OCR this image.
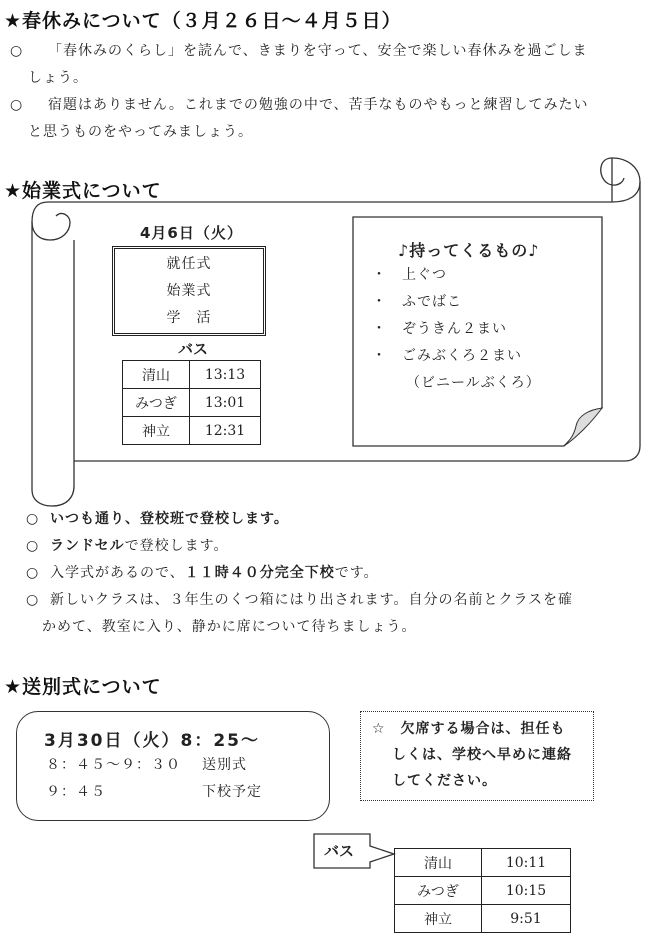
★春休みについて（３月２６日～４月５日）
○ 「春休みのくらし」を読んで、きまりを守って、安全で楽しい春休みを過ごしま
しょう。
○ 宿題はありません。これまでの勉強の中で、苦手なものやもっと練習してみたい
と思うものをやってみましょう。
★始業式について
4月6日（火）
就任式
始業式
学　活
バス
清山	13:13
みつぎ	13:01
神立	12:31
♪持ってくるもの♪
・ 上ぐつ
・ ふでばこ
・ ぞうきん２まい
・ ごみぶくろ２まい
（ビニールぶくろ）
○ いつも通り、登校班で登校します。
○ ランドセルで登校します。
○ 入学式があるので、１１時４０分完全下校です。
○ 新しいクラスは、３年生のくつ箱にはり出されます。自分の名前とクラスを確
かめて、教室に入り、静かに席について待ちましょう。
★送別式について
3月30日（火）8：25～
８：４５～９：３０ 送別式
９：４５	下校予定
☆　欠席する場合は、担任も
しくは、学校へ早めに連絡
してください。
バス
清山	10:11
みつぎ	10:15
神立	9:51
